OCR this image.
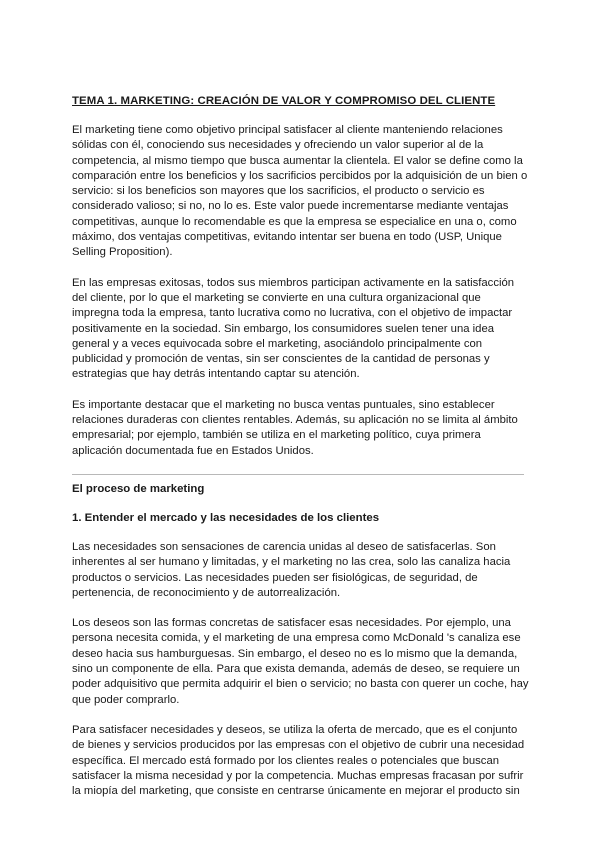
TEMA 1. MARKETING: CREACIÓN DE VALOR Y COMPROMISO DEL CLIENTE

El marketing tiene como objetivo principal satisfacer al cliente manteniendo relaciones sólidas con él, conociendo sus necesidades y ofreciendo un valor superior al de la competencia, al mismo tiempo que busca aumentar la clientela. El valor se define como la comparación entre los beneficios y los sacrificios percibidos por la adquisición de un bien o servicio: si los beneficios son mayores que los sacrificios, el producto o servicio es considerado valioso; si no, no lo es. Este valor puede incrementarse mediante ventajas competitivas, aunque lo recomendable es que la empresa se especialice en una o, como máximo, dos ventajas competitivas, evitando intentar ser buena en todo (USP, Unique Selling Proposition).

En las empresas exitosas, todos sus miembros participan activamente en la satisfacción del cliente, por lo que el marketing se convierte en una cultura organizacional que impregna toda la empresa, tanto lucrativa como no lucrativa, con el objetivo de impactar positivamente en la sociedad. Sin embargo, los consumidores suelen tener una idea general y a veces equivocada sobre el marketing, asociándolo principalmente con publicidad y promoción de ventas, sin ser conscientes de la cantidad de personas y estrategias que hay detrás intentando captar su atención.

Es importante destacar que el marketing no busca ventas puntuales, sino establecer relaciones duraderas con clientes rentables. Además, su aplicación no se limita al ámbito empresarial; por ejemplo, también se utiliza en el marketing político, cuya primera aplicación documentada fue en Estados Unidos.

El proceso de marketing
1. Entender el mercado y las necesidades de los clientes

Las necesidades son sensaciones de carencia unidas al deseo de satisfacerlas. Son inherentes al ser humano y limitadas, y el marketing no las crea, solo las canaliza hacia productos o servicios. Las necesidades pueden ser fisiológicas, de seguridad, de pertenencia, de reconocimiento y de autorrealización.

Los deseos son las formas concretas de satisfacer esas necesidades. Por ejemplo, una persona necesita comida, y el marketing de una empresa como McDonald 's canaliza ese deseo hacia sus hamburguesas. Sin embargo, el deseo no es lo mismo que la demanda, sino un componente de ella. Para que exista demanda, además de deseo, se requiere un poder adquisitivo que permita adquirir el bien o servicio; no basta con querer un coche, hay que poder comprarlo.

Para satisfacer necesidades y deseos, se utiliza la oferta de mercado, que es el conjunto de bienes y servicios producidos por las empresas con el objetivo de cubrir una necesidad específica. El mercado está formado por los clientes reales o potenciales que buscan satisfacer la misma necesidad y por la competencia. Muchas empresas fracasan por sufrir la miopía del marketing, que consiste en centrarse únicamente en mejorar el producto sin
